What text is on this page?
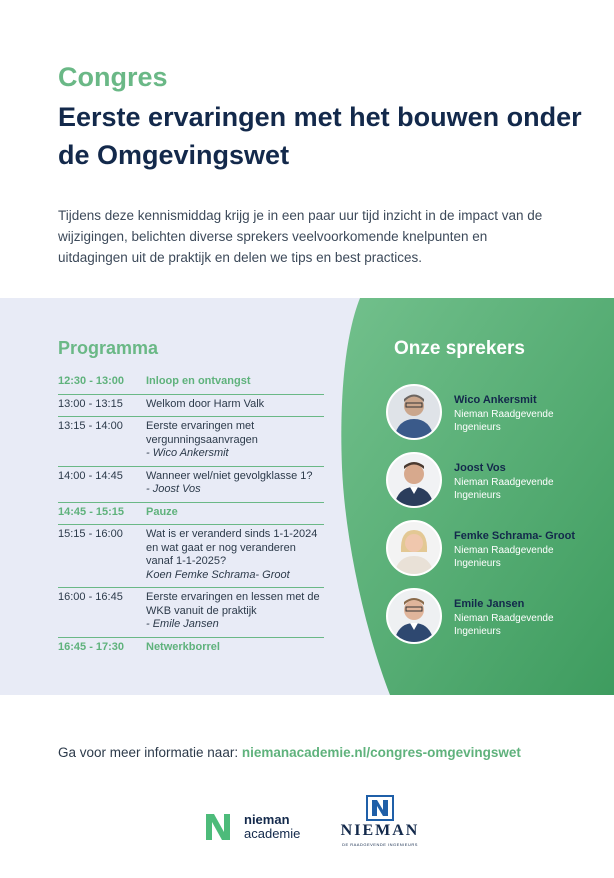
Congres
Eerste ervaringen met het bouwen onder de Omgevingswet
Tijdens deze kennismiddag krijg je in een paar uur tijd inzicht in de impact van de wijzigingen, belichten diverse sprekers veelvoorkomende knelpunten en uitdagingen uit de praktijk en delen we tips en best practices.
Programma
12:30 - 13:00	Inloop en ontvangst
13:00 - 13:15	Welkom door Harm Valk
13:15 - 14:00	Eerste ervaringen met vergunningsaanvragen
- Wico Ankersmit
14:00 - 14:45	Wanneer wel/niet gevolgklasse 1?
- Joost Vos
14:45 - 15:15	Pauze
15:15 - 16:00	Wat is er veranderd sinds 1-1-2024 en wat gaat er nog veranderen vanaf 1-1-2025?
Koen Femke Schrama- Groot
16:00 - 16:45	Eerste ervaringen en lessen met de WKB vanuit de praktijk
- Emile Jansen
16:45 - 17:30	Netwerkborrel
Onze sprekers
Wico Ankersmit
Nieman Raadgevende Ingenieurs
Joost Vos
Nieman Raadgevende Ingenieurs
Femke Schrama- Groot
Nieman Raadgevende Ingenieurs
Emile Jansen
Nieman Raadgevende Ingenieurs
Ga voor meer informatie naar: niemanacademie.nl/congres-omgevingswet
nieman
academie	NIEMAN
DE RAADGEVENDE INGENIEURS
